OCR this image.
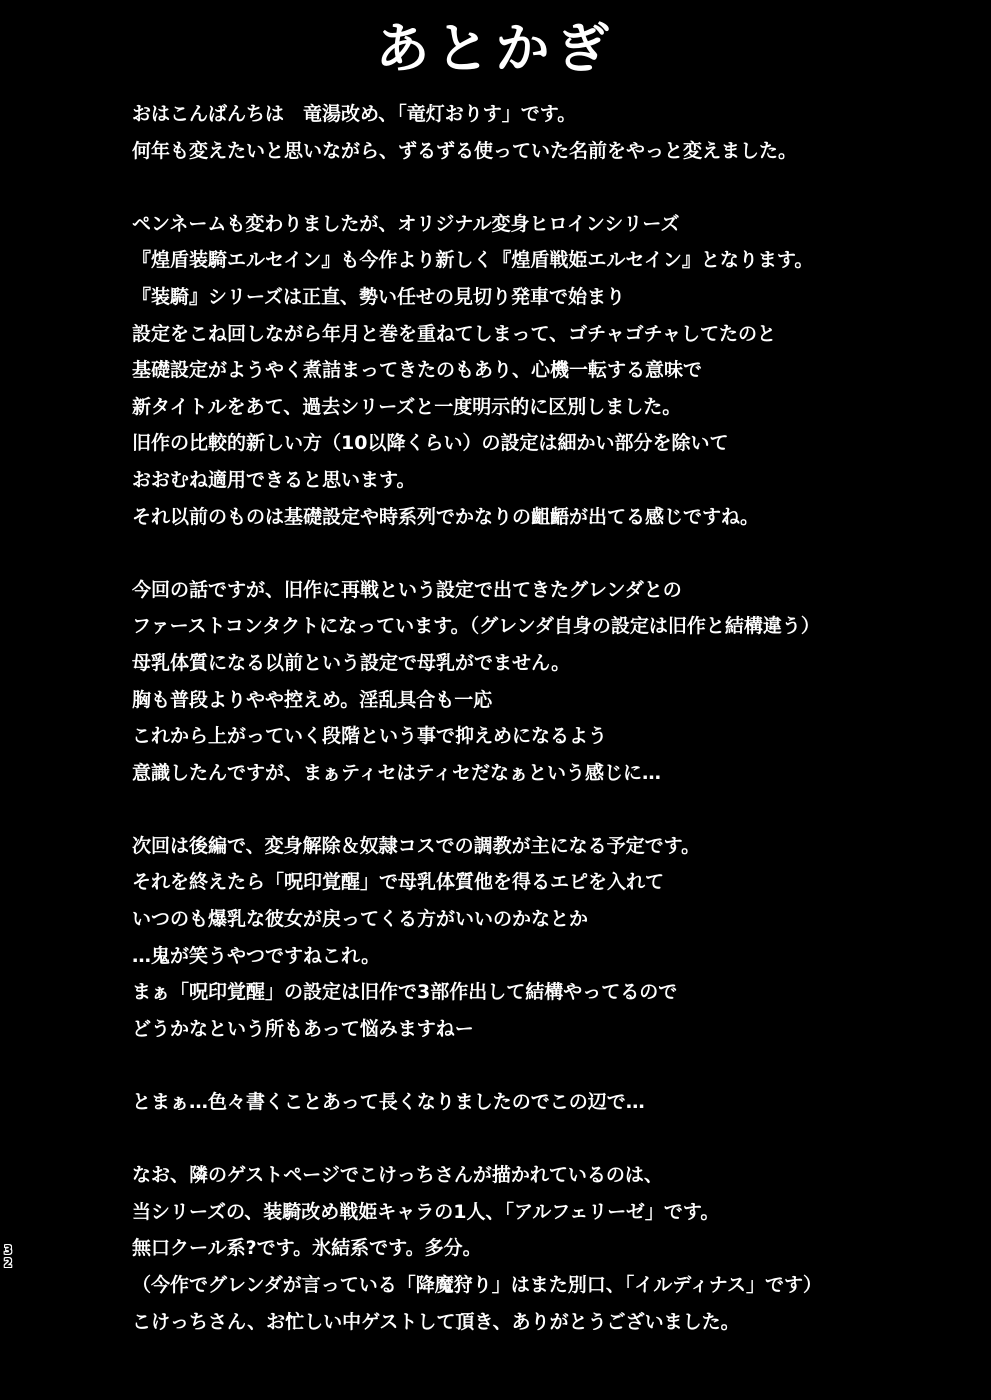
あとかぎ
おはこんばんちは　竜湯改め、「竜灯おりす」です。
何年も変えたいと思いながら、ずるずる使っていた名前をやっと変えました。
ペンネームも変わりましたが、オリジナル変身ヒロインシリーズ
『煌盾装騎エルセイン』も今作より新しく『煌盾戦姫エルセイン』となります。
『装騎』シリーズは正直、勢い任せの見切り発車で始まり
設定をこね回しながら年月と巻を重ねてしまって、ゴチャゴチャしてたのと
基礎設定がようやく煮詰まってきたのもあり、心機一転する意味で
新タイトルをあて、過去シリーズと一度明示的に区別しました。
旧作の比較的新しい方（10以降くらい）の設定は細かい部分を除いて
おおむね適用できると思います。
それ以前のものは基礎設定や時系列でかなりの齟齬が出てる感じですね。
今回の話ですが、旧作に再戦という設定で出てきたグレンダとの
ファーストコンタクトになっています。（グレンダ自身の設定は旧作と結構違う）
母乳体質になる以前という設定で母乳がでません。
胸も普段よりやや控えめ。淫乱具合も一応
これから上がっていく段階という事で抑えめになるよう
意識したんですが、まぁティセはティセだなぁという感じに…
次回は後編で、変身解除＆奴隷コスでの調教が主になる予定です。
それを終えたら「呪印覚醒」で母乳体質他を得るエピを入れて
いつのも爆乳な彼女が戻ってくる方がいいのかなとか
…鬼が笑うやつですねこれ。
まぁ「呪印覚醒」の設定は旧作で3部作出して結構やってるので
どうかなという所もあって悩みますねー
とまぁ…色々書くことあって長くなりましたのでこの辺で…
なお、隣のゲストページでこけっちさんが描かれているのは、
当シリーズの、装騎改め戦姫キャラの1人、「アルフェリーゼ」です。
無口クール系?です。氷結系です。多分。
（今作でグレンダが言っている「降魔狩り」はまた別口、「イルディナス」です）
こけっちさん、お忙しい中ゲストして頂き、ありがとうございました。
3
2
